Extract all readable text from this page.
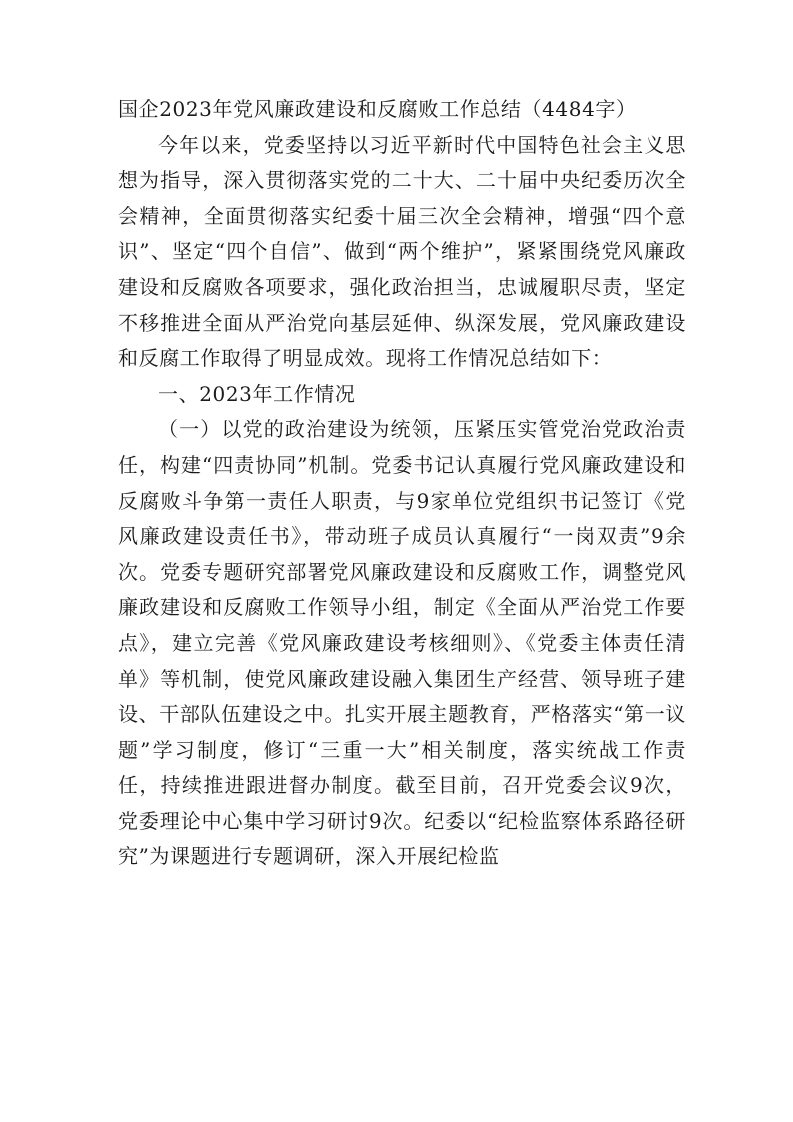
国企2023年党风廉政建设和反腐败工作总结（4484字）

今年以来，党委坚持以习近平新时代中国特色社会主义思想为指导，深入贯彻落实党的二十大、二十届中央纪委历次全会精神，全面贯彻落实纪委十届三次全会精神，增强“四个意识”、坚定“四个自信”、做到“两个维护”，紧紧围绕党风廉政建设和反腐败各项要求，强化政治担当，忠诚履职尽责，坚定不移推进全面从严治党向基层延伸、纵深发展，党风廉政建设和反腐工作取得了明显成效。现将工作情况总结如下：

一、2023年工作情况

（一）以党的政治建设为统领，压紧压实管党治党政治责任，构建“四责协同”机制。党委书记认真履行党风廉政建设和反腐败斗争第一责任人职责，与9家单位党组织书记签订《党风廉政建设责任书》，带动班子成员认真履行“一岗双责”9余次。党委专题研究部署党风廉政建设和反腐败工作，调整党风廉政建设和反腐败工作领导小组，制定《全面从严治党工作要点》，建立完善《党风廉政建设考核细则》、《党委主体责任清单》等机制，使党风廉政建设融入集团生产经营、领导班子建设、干部队伍建设之中。扎实开展主题教育，严格落实“第一议题”学习制度，修订“三重一大”相关制度，落实统战工作责任，持续推进跟进督办制度。截至目前，召开党委会议9次，党委理论中心集中学习研讨9次。纪委以“纪检监察体系路径研究”为课题进行专题调研，深入开展纪检监
